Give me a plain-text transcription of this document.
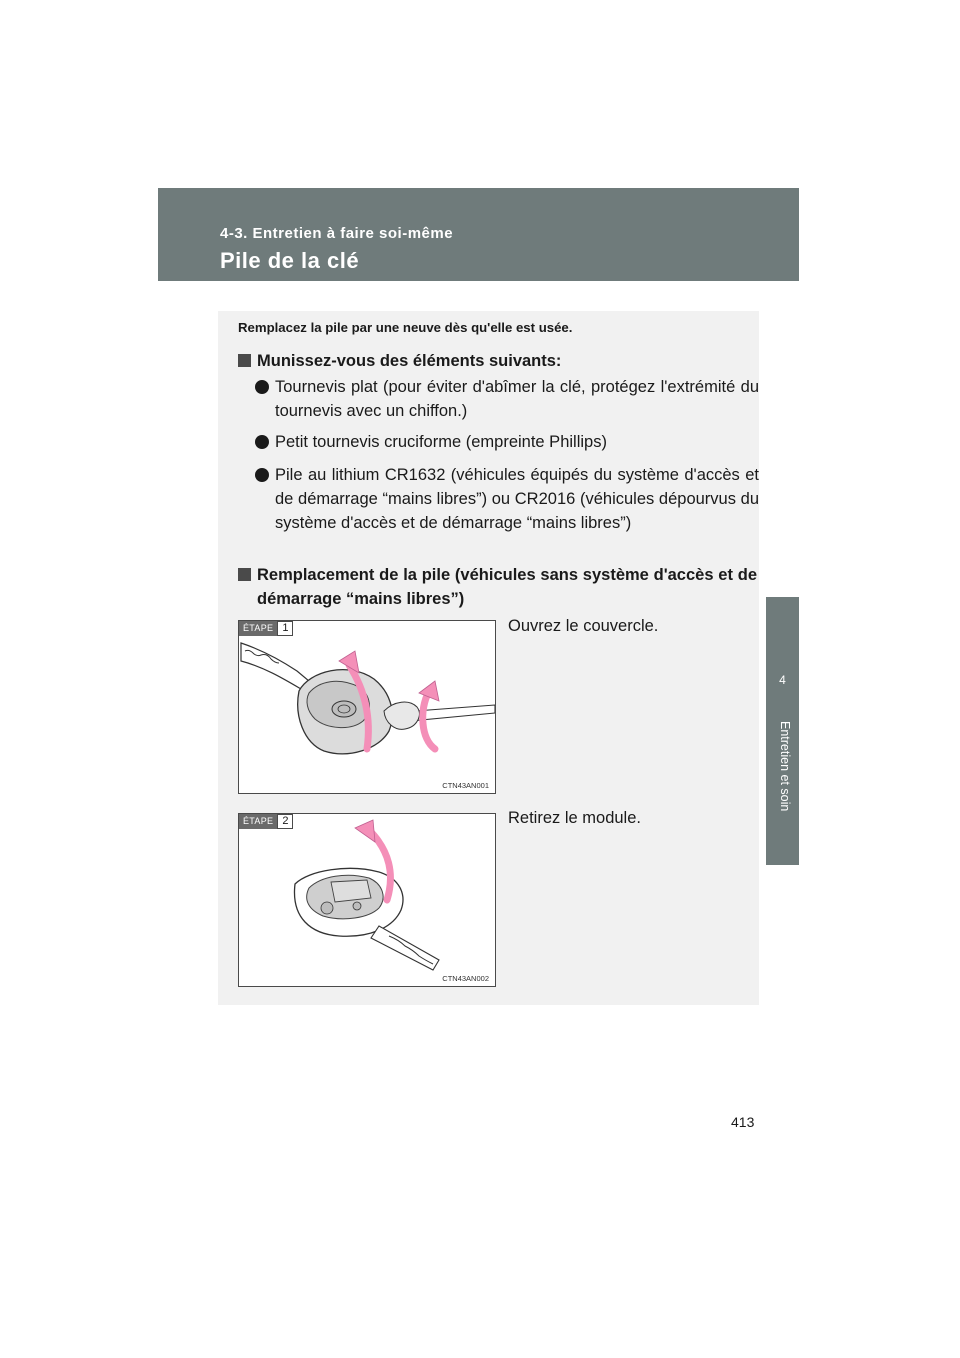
4-3. Entretien à faire soi-même
Pile de la clé
4
Entretien et soin
Remplacez la pile par une neuve dès qu'elle est usée.
Munissez-vous des éléments suivants:
Tournevis plat (pour éviter d'abîmer la clé, protégez l'extrémité du tournevis avec un chiffon.)
Petit tournevis cruciforme (empreinte Phillips)
Pile au lithium CR1632 (véhicules équipés du système d'accès et de démarrage “mains libres”) ou CR2016 (véhicules dépourvus du système d'accès et de démarrage “mains libres”)
Remplacement de la pile (véhicules sans système d'accès et de démarrage “mains libres”)
ÉTAPE 1
CTN43AN001
Ouvrez le couvercle.
ÉTAPE 2
CTN43AN002
Retirez le module.
413
